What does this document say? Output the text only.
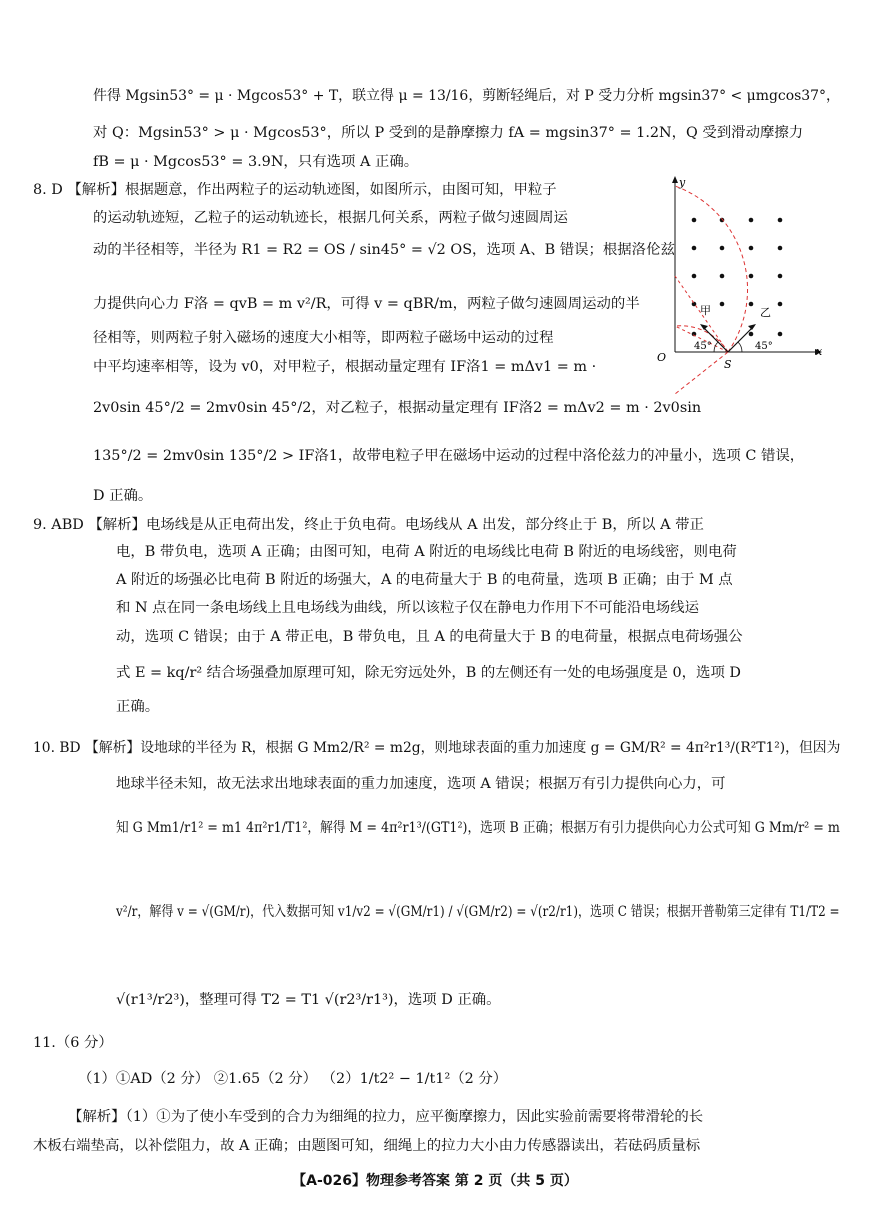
件得 Mgsin53° = μ · Mgcos53° + T，联立得 μ = 13/16，剪断轻绳后，对 P 受力分析 mgsin37° < μmgcos37°，
对 Q：Mgsin53° > μ · Mgcos53°，所以 P 受到的是静摩擦力 fA = mgsin37° = 1.2N，Q 受到滑动摩擦力
fB = μ · Mgcos53° = 3.9N，只有选项 A 正确。
8. D 【解析】根据题意，作出两粒子的运动轨迹图，如图所示，由图可知，甲粒子
的运动轨迹短，乙粒子的运动轨迹长，根据几何关系，两粒子做匀速圆周运
动的半径相等，半径为 R1 = R2 = OS / sin45° = √2 OS，选项 A、B 错误；根据洛伦兹
力提供向心力 F洛 = qvB = m v²/R，可得 v = qBR/m，两粒子做匀速圆周运动的半
径相等，则两粒子射入磁场的速度大小相等，即两粒子磁场中运动的过程
中平均速率相等，设为 v0，对甲粒子，根据动量定理有 IF洛1 = mΔv1 = m ·
2v0sin 45°/2 = 2mv0sin 45°/2，对乙粒子，根据动量定理有 IF洛2 = mΔv2 = m · 2v0sin
135°/2 = 2mv0sin 135°/2 > IF洛1，故带电粒子甲在磁场中运动的过程中洛伦兹力的冲量小，选项 C 错误，
D 正确。
9. ABD 【解析】电场线是从正电荷出发，终止于负电荷。电场线从 A 出发，部分终止于 B，所以 A 带正
电，B 带负电，选项 A 正确；由图可知，电荷 A 附近的电场线比电荷 B 附近的电场线密，则电荷
A 附近的场强必比电荷 B 附近的场强大，A 的电荷量大于 B 的电荷量，选项 B 正确；由于 M 点
和 N 点在同一条电场线上且电场线为曲线，所以该粒子仅在静电力作用下不可能沿电场线运
动，选项 C 错误；由于 A 带正电，B 带负电，且 A 的电荷量大于 B 的电荷量，根据点电荷场强公
式 E = kq/r² 结合场强叠加原理可知，除无穷远处外，B 的左侧还有一处的电场强度是 0，选项 D
正确。
10. BD 【解析】设地球的半径为 R，根据 G Mm2/R² = m2g，则地球表面的重力加速度 g = GM/R² = 4π²r1³/(R²T1²)，但因为
地球半径未知，故无法求出地球表面的重力加速度，选项 A 错误；根据万有引力提供向心力，可
知 G Mm1/r1² = m1 4π²r1/T1²，解得 M = 4π²r1³/(GT1²)，选项 B 正确；根据万有引力提供向心力公式可知 G Mm/r² = m
v²/r，解得 v = √(GM/r)，代入数据可知 v1/v2 = √(GM/r1) / √(GM/r2) = √(r2/r1)，选项 C 错误；根据开普勒第三定律有 T1/T2 =
√(r1³/r2³)，整理可得 T2 = T1 √(r2³/r1³)，选项 D 正确。
11.（6 分）
（1）①AD（2 分） ②1.65（2 分） （2）1/t2² − 1/t1²（2 分）
【解析】（1）①为了使小车受到的合力为细绳的拉力，应平衡摩擦力，因此实验前需要将带滑轮的长
木板右端垫高，以补偿阻力，故 A 正确；由题图可知，细绳上的拉力大小由力传感器读出，若砝码质量标
y
x
O
S
甲	乙
45°	45°
【A-026】物理参考答案 第 2 页（共 5 页）
